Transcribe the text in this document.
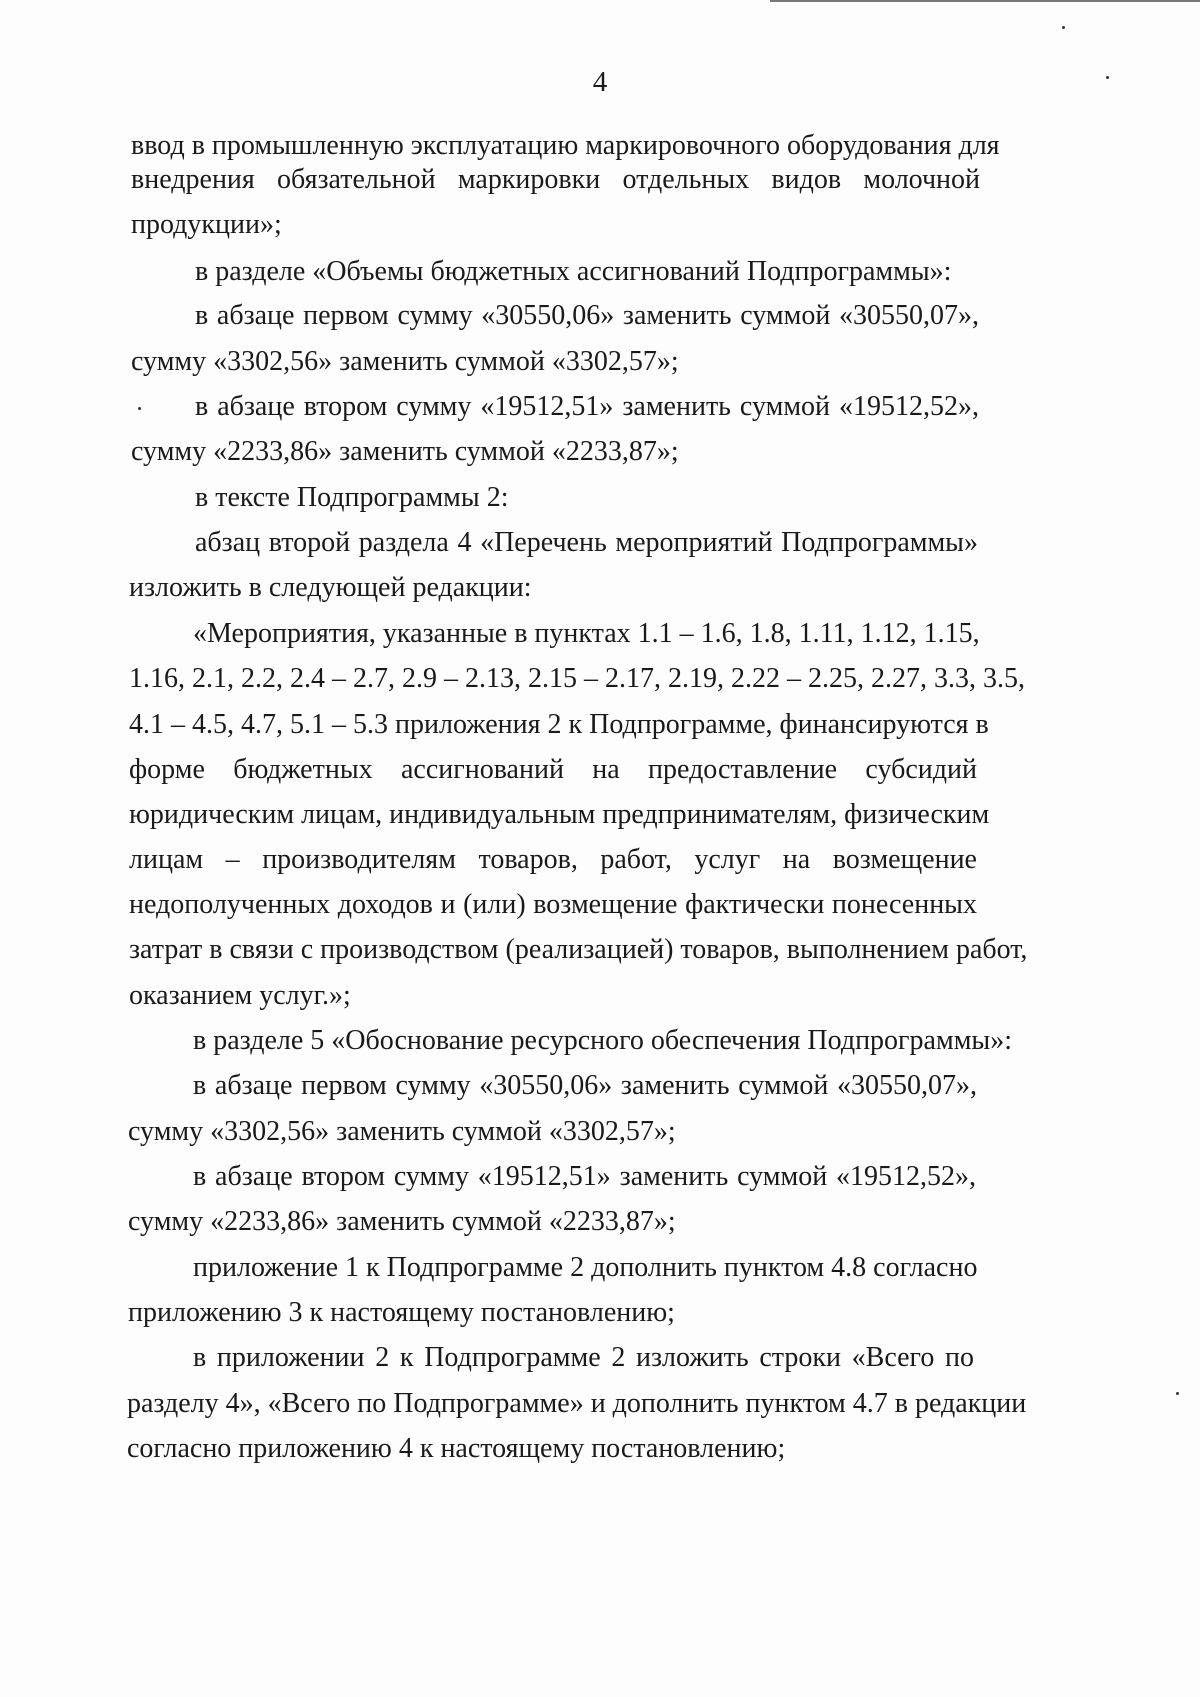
4
ввод в промышленную эксплуатацию маркировочного оборудования для
внедрения обязательной маркировки отдельных видов молочной
продукции»;
в разделе «Объемы бюджетных ассигнований Подпрограммы»:
в абзаце первом сумму «30550,06» заменить суммой «30550,07»,
сумму «3302,56» заменить суммой «3302,57»;
в абзаце втором сумму «19512,51» заменить суммой «19512,52»,
сумму «2233,86» заменить суммой «2233,87»;
в тексте Подпрограммы 2:
абзац второй раздела 4 «Перечень мероприятий Подпрограммы»
изложить в следующей редакции:
«Мероприятия, указанные в пунктах 1.1 – 1.6, 1.8, 1.11, 1.12, 1.15,
1.16, 2.1, 2.2, 2.4 – 2.7, 2.9 – 2.13, 2.15 – 2.17, 2.19, 2.22 – 2.25, 2.27, 3.3, 3.5,
4.1 – 4.5, 4.7, 5.1 – 5.3 приложения 2 к Подпрограмме, финансируются в
форме бюджетных ассигнований на предоставление субсидий
юридическим лицам, индивидуальным предпринимателям, физическим
лицам – производителям товаров, работ, услуг на возмещение
недополученных доходов и (или) возмещение фактически понесенных
затрат в связи с производством (реализацией) товаров, выполнением работ,
оказанием услуг.»;
в разделе 5 «Обоснование ресурсного обеспечения Подпрограммы»:
в абзаце первом сумму «30550,06» заменить суммой «30550,07»,
сумму «3302,56» заменить суммой «3302,57»;
в абзаце втором сумму «19512,51» заменить суммой «19512,52»,
сумму «2233,86» заменить суммой «2233,87»;
приложение 1 к Подпрограмме 2 дополнить пунктом 4.8 согласно
приложению 3 к настоящему постановлению;
в приложении 2 к Подпрограмме 2 изложить строки «Всего по
разделу 4», «Всего по Подпрограмме» и дополнить пунктом 4.7 в редакции
согласно приложению 4 к настоящему постановлению;
